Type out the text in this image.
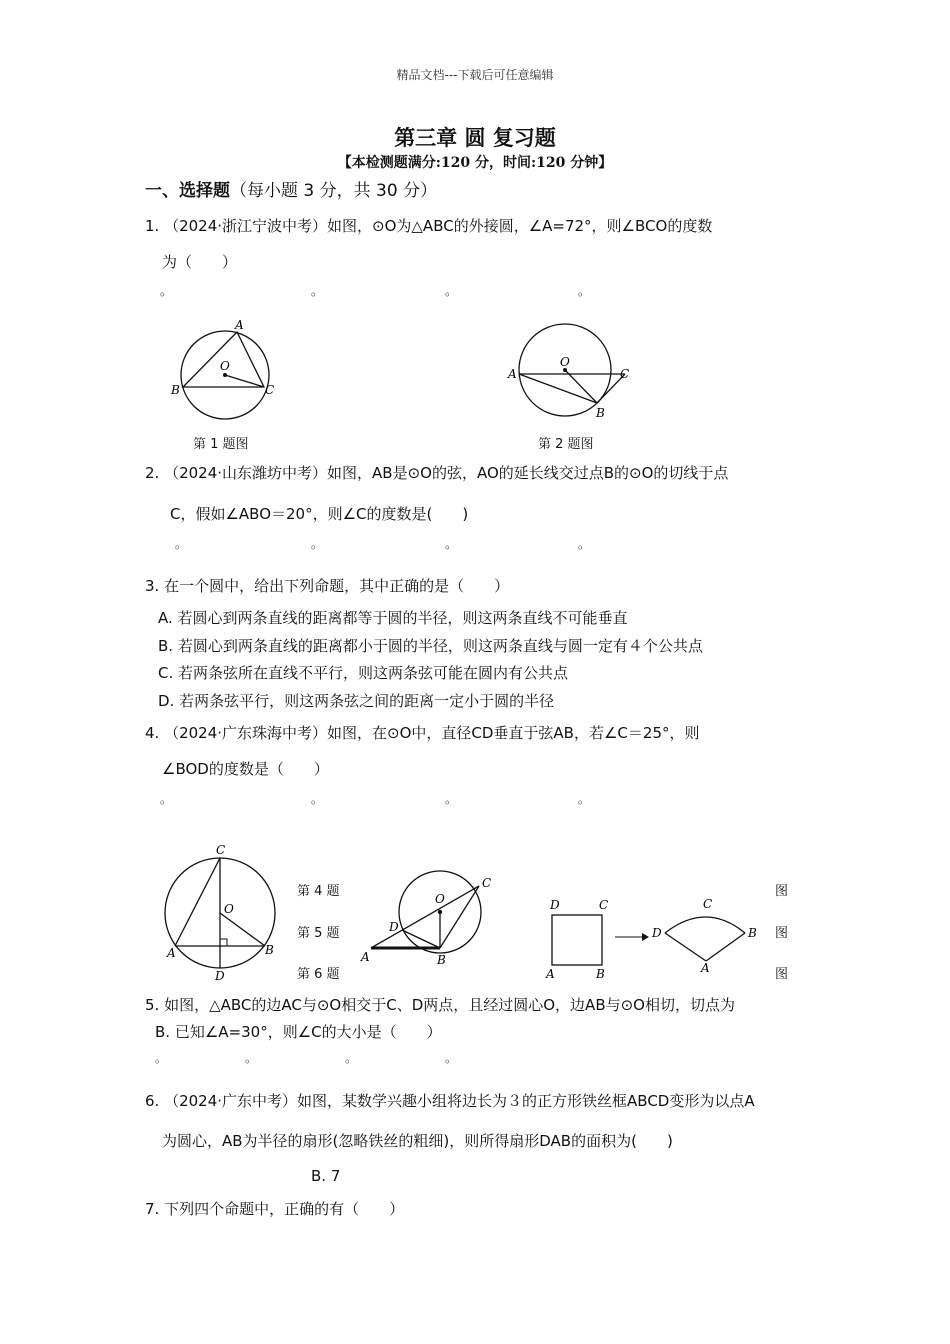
精品文档---下载后可任意编辑
第三章 圆 复习题
【本检测题满分:120 分，时间:120 分钟】
一、选择题（每小题 3 分，共 30 分）
1. （2024·浙江宁波中考）如图，⊙O为△ABC的外接圆，∠A=72°，则∠BCO的度数
为（　　）
。	。	。	。
A
O
B	C
第 1 题图
A
O
C
B
第 2 题图
2. （2024·山东潍坊中考）如图，AB是⊙O的弦，AO的延长线交过点B的⊙O的切线于点
C，假如∠ABO＝20°，则∠C的度数是(　　)
。	。	。	。
3. 在一个圆中，给出下列命题，其中正确的是（　　）
A. 若圆心到两条直线的距离都等于圆的半径，则这两条直线不可能垂直
B. 若圆心到两条直线的距离都小于圆的半径，则这两条直线与圆一定有４个公共点
C. 若两条弦所在直线不平行，则这两条弦可能在圆内有公共点
D. 若两条弦平行，则这两条弦之间的距离一定小于圆的半径
4. （2024·广东珠海中考）如图，在⊙O中，直径CD垂直于弦AB，若∠C＝25°，则
∠BOD的度数是（　　）
。	。	。	。
C
O
A	B
D
第 4 题
第 5 题
第 6 题
O
C
D
A	B
D	C
A	B
C
D	B
A
图
图
图
5. 如图，△ABC的边AC与⊙O相交于C、D两点，且经过圆心O，边AB与⊙O相切，切点为
B. 已知∠A=30°，则∠C的大小是（　　）
。	。	。	。
6. （2024·广东中考）如图，某数学兴趣小组将边长为３的正方形铁丝框ABCD变形为以点A
为圆心，AB为半径的扇形(忽略铁丝的粗细)，则所得扇形DAB的面积为(　　)
B. 7
7. 下列四个命题中，正确的有（　　）
